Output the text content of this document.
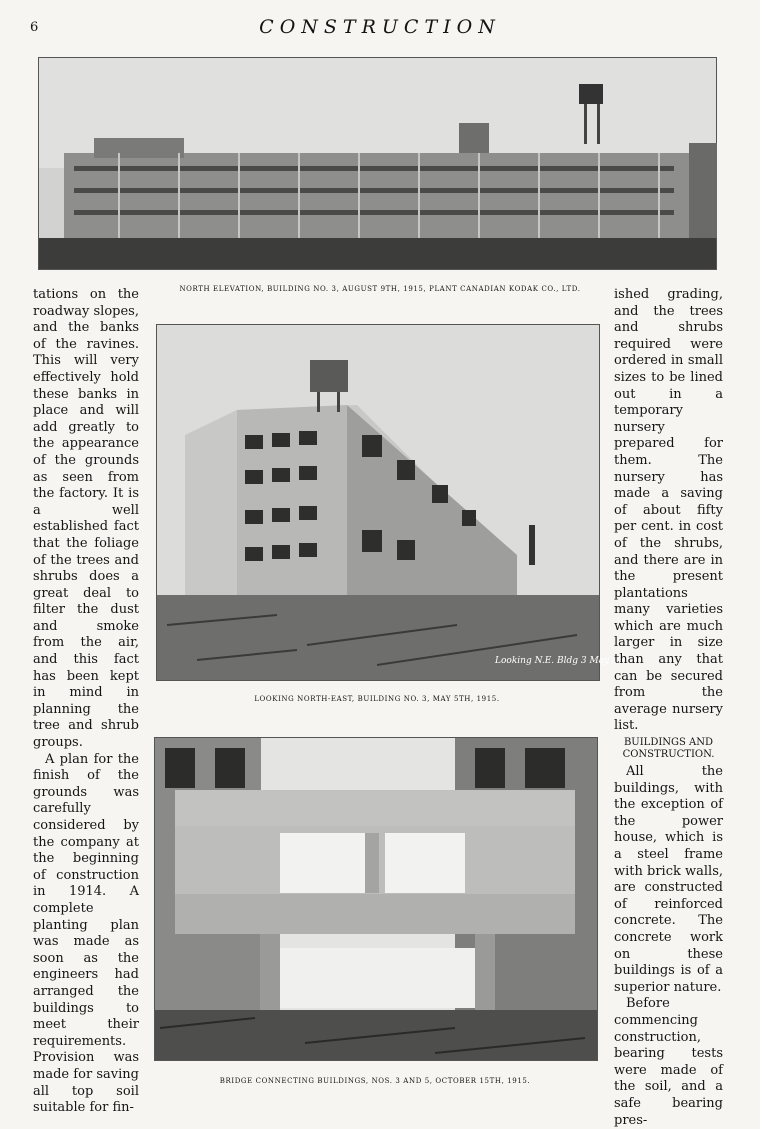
6	CONSTRUCTION
NORTH ELEVATION, BUILDING NO. 3, AUGUST 9TH, 1915, PLANT CANADIAN KODAK CO., LTD.
Looking N.E. Bldg 3 May 5 1915
LOOKING NORTH-EAST, BUILDING NO. 3, MAY 5TH, 1915.
BRIDGE CONNECTING BUILDINGS, NOS. 3 AND 5, OCTOBER 15TH, 1915.

tations on the roadway slopes, and the banks of the ravines. This will very effectively hold these banks in place and will add greatly to the appearance of the grounds as seen from the factory. It is a well established fact that the foliage of the trees and shrubs does a great deal to filter the dust and smoke from the air, and this fact has been kept in mind in planning the tree and shrub groups.

A plan for the finish of the grounds was carefully considered by the company at the beginning of construction in 1914. A complete planting plan was made as soon as the engineers had arranged the buildings to meet their requirements. Provision was made for saving all top soil suitable for fin-

ished grading, and the trees and shrubs required were ordered in small sizes to be lined out in a temporary nursery prepared for them. The nursery has made a saving of about fifty per cent. in cost of the shrubs, and there are in the present plantations many varieties which are much larger in size than any that can be secured from the average nursery list.

BUILDINGS AND CONSTRUCTION.

All the buildings, with the exception of the power house, which is a steel frame with brick walls, are constructed of reinforced concrete. The concrete work on these buildings is of a superior nature.

Before commencing construction, bearing tests were made of the soil, and a safe bearing pres-
